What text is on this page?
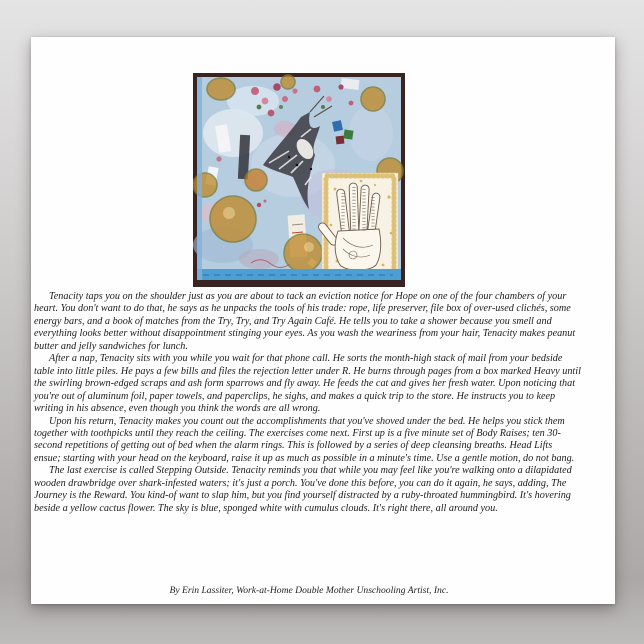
Tenacity taps you on the shoulder just as you are about to tack an eviction notice for Hope on one of the four chambers of your heart. You don't want to do that, he says as he unpacks the tools of his trade: rope, life preserver, file box of over-used clichés, some energy bars, and a book of matches from the Try, Try, and Try Again Café. He tells you to take a shower because you smell and everything looks better without disappointment stinging your eyes. As you wash the weariness from your hair, Tenacity makes peanut butter and jelly sandwiches for lunch.

After a nap, Tenacity sits with you while you wait for that phone call. He sorts the month-high stack of mail from your bedside table into little piles. He pays a few bills and files the rejection letter under R. He burns through pages from a box marked Heavy until the swirling brown-edged scraps and ash form sparrows and fly away. He feeds the cat and gives her fresh water. Upon noticing that you're out of aluminum foil, paper towels, and paperclips, he sighs, and makes a quick trip to the store. He instructs you to keep writing in his absence, even though you think the words are all wrong.

Upon his return, Tenacity makes you count out the accomplishments that you've shoved under the bed. He helps you stick them together with toothpicks until they reach the ceiling. The exercises come next. First up is a five minute set of Body Raises; ten 30-second repetitions of getting out of bed when the alarm rings. This is followed by a series of deep cleansing breaths. Head Lifts ensue; starting with your head on the keyboard, raise it up as much as possible in a minute's time. Use a gentle motion, do not bang.

The last exercise is called Stepping Outside. Tenacity reminds you that while you may feel like you're walking onto a dilapidated wooden drawbridge over shark-infested waters; it's just a porch. You've done this before, you can do it again, he says, adding, The Journey is the Reward. You kind-of want to slap him, but you find yourself distracted by a ruby-throated hummingbird. It's hovering beside a yellow cactus flower. The sky is blue, sponged white with cumulus clouds. It's right there, all around you.

By Erin Lassiter, Work-at-Home Double Mother Unschooling Artist, Inc.
